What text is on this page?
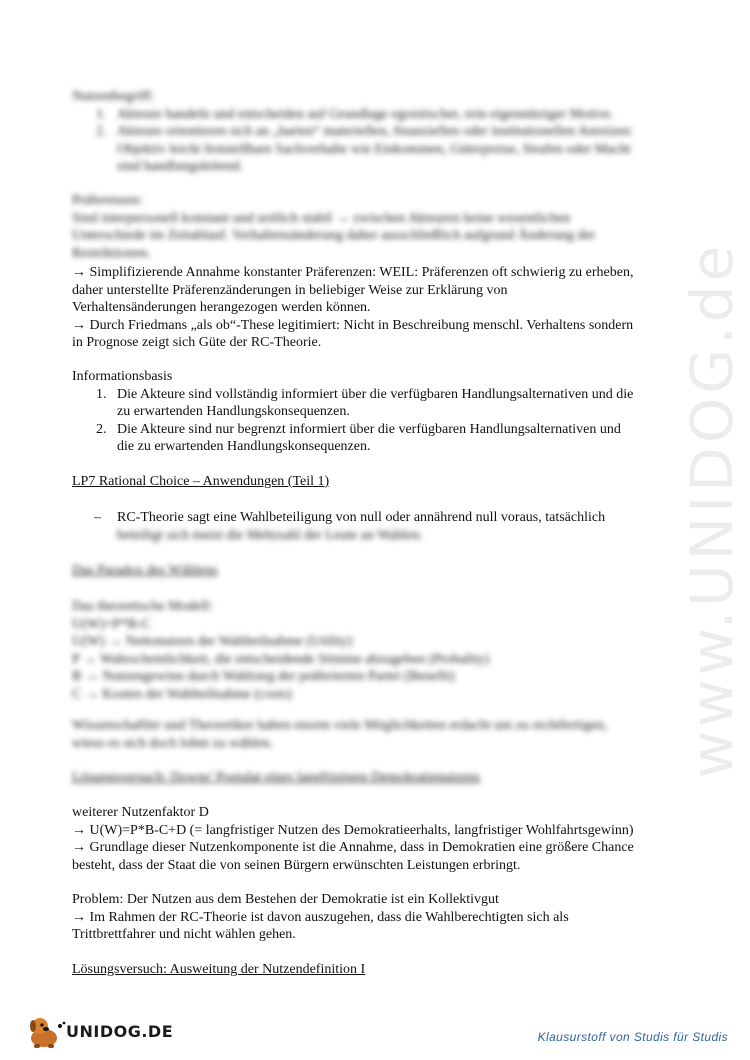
www.UNIDOG.de
Nutzenbegriff:
1. Akteure handeln und entscheiden auf Grundlage egoistischer, rein eigennütziger Motive.
2. Akteure orientieren sich an „harten“ materiellen, finanziellen oder institutionellen Anreizen:
Objektiv leicht feststellbare Sachverhalte wie Einkommen, Güterpreise, Strafen oder Macht
sind handlungsleitend.
Präferenzen:
Sind interpersonell konstant und zeitlich stabil → zwischen Akteuren keine wesentlichen
Unterschiede im Zeitablauf. Verhaltensänderung daher ausschließlich aufgrund Änderung der
Restriktionen.
→ Simplifizierende Annahme konstanter Präferenzen: WEIL: Präferenzen oft schwierig zu erheben,
daher unterstellte Präferenzänderungen in beliebiger Weise zur Erklärung von
Verhaltensänderungen herangezogen werden können.
→ Durch Friedmans „als ob“-These legitimiert: Nicht in Beschreibung menschl. Verhaltens sondern
in Prognose zeigt sich Güte der RC-Theorie.
Informationsbasis
1. Die Akteure sind vollständig informiert über die verfügbaren Handlungsalternativen und die
zu erwartenden Handlungskonsequenzen.
2. Die Akteure sind nur begrenzt informiert über die verfügbaren Handlungsalternativen und
die zu erwartenden Handlungskonsequenzen.
LP7 Rational Choice – Anwendungen (Teil 1)
– RC-Theorie sagt eine Wahlbeteiligung von null oder annährend null voraus, tatsächlich
beteiligt sich meist die Mehrzahl der Leute an Wahlen.
Das Paradox des Wählens
Das theoretische Modell:
U(W)=P*B-C
U(W) → Nettonutzen der Wahlteilnahme (Utility)
P → Wahrscheinlichkeit, die entscheidende Stimme abzugeben (Probality)
B → Nutzengewinn durch Wahlsieg der präferierten Partei (Benefit)
C → Kosten der Wahlteilnahme (costs)
Wissenschaftler und Theoretiker haben enorm viele Möglichkeiten erdacht um zu rechtfertigen,
wieso es sich doch lohnt zu wählen.
Lösungsversuch: Downs' Postulat eines langfristigen Demokratienutzens
weiterer Nutzenfaktor D
→ U(W)=P*B-C+D (= langfristiger Nutzen des Demokratieerhalts, langfristiger Wohlfahrtsgewinn)
→ Grundlage dieser Nutzenkomponente ist die Annahme, dass in Demokratien eine größere Chance
besteht, dass der Staat die von seinen Bürgern erwünschten Leistungen erbringt.
Problem: Der Nutzen aus dem Bestehen der Demokratie ist ein Kollektivgut
→ Im Rahmen der RC-Theorie ist davon auszugehen, dass die Wahlberechtigten sich als
Trittbrettfahrer und nicht wählen gehen.
Lösungsversuch: Ausweitung der Nutzendefinition I
UNIDOG.DE	Klausurstoff von Studis für Studis
